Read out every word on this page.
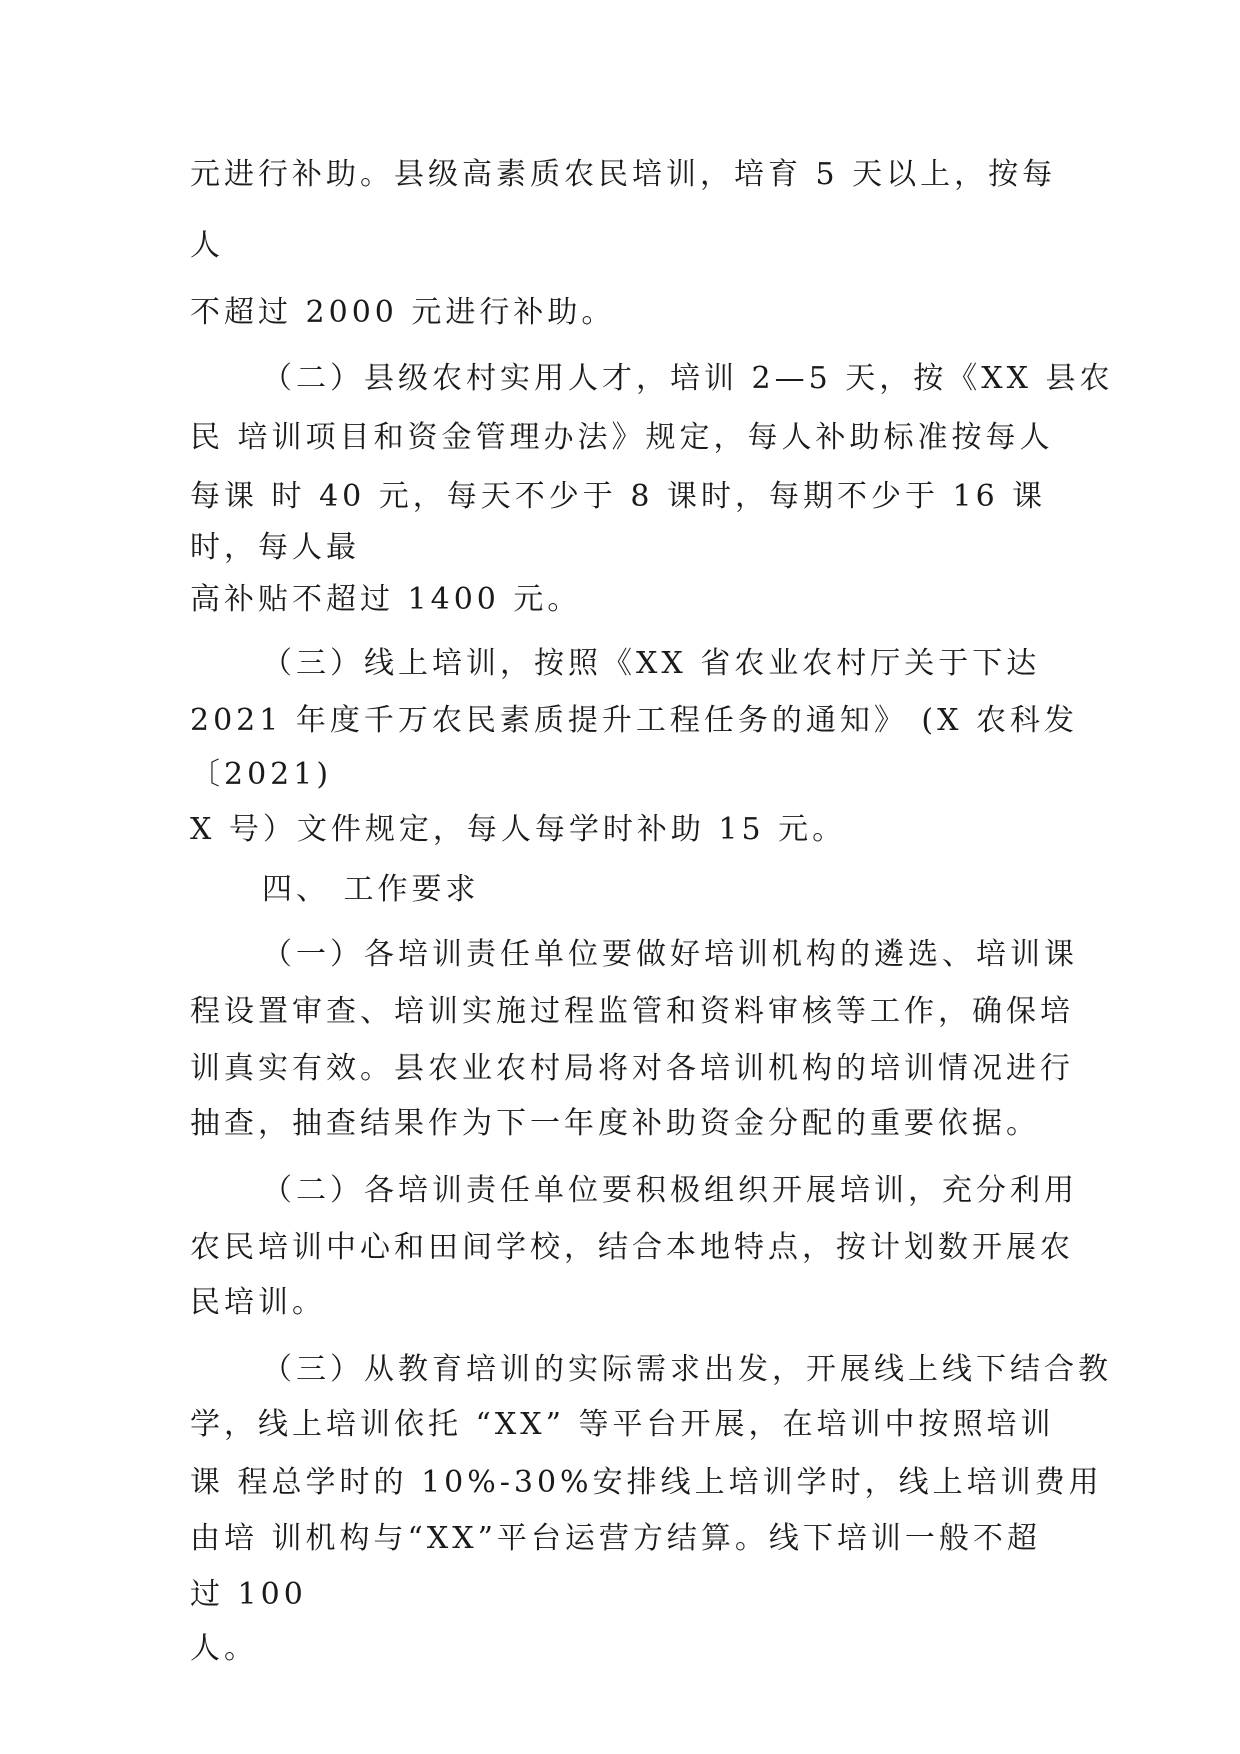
元进行补助。县级高素质农民培训，培育 5 天以上，按每
人
不超过 2000 元进行补助。
（二）县级农村实用人才，培训 2—5 天，按《XX 县农
民 培训项目和资金管理办法》规定，每人补助标准按每人
每课 时 40 元，每天不少于 8 课时，每期不少于 16 课
时，每人最
高补贴不超过 1400 元。
（三）线上培训，按照《XX 省农业农村厅关于下达
2021 年度千万农民素质提升工程任务的通知》 (X 农科发
〔2021)
X 号）文件规定，每人每学时补助 15 元。
四、 工作要求
（一）各培训责任单位要做好培训机构的遴选、培训课
程设置审查、培训实施过程监管和资料审核等工作，确保培
训真实有效。县农业农村局将对各培训机构的培训情况进行
抽查，抽查结果作为下一年度补助资金分配的重要依据。
（二）各培训责任单位要积极组织开展培训，充分利用
农民培训中心和田间学校，结合本地特点，按计划数开展农
民培训。
（三）从教育培训的实际需求出发，开展线上线下结合教
学，线上培训依托 “XX” 等平台开展，在培训中按照培训
课 程总学时的 10%-30%安排线上培训学时，线上培训费用
由培 训机构与“XX”平台运营方结算。线下培训一般不超
过 100
人。
